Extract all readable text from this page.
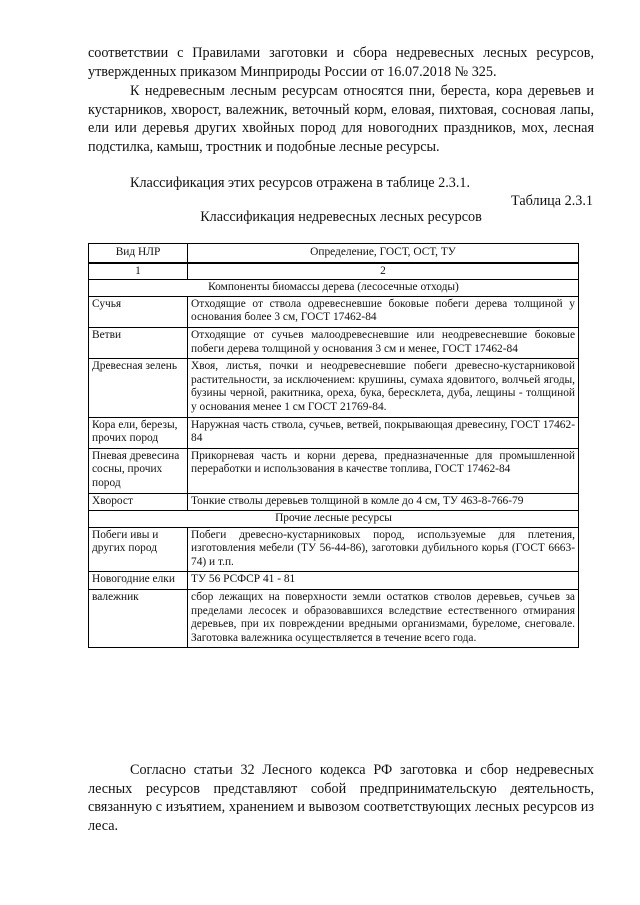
соответствии с Правилами заготовки и сбора недревесных лесных ресурсов, утвержденных приказом Минприроды России от 16.07.2018 № 325.

К недревесным лесным ресурсам относятся пни, береста, кора деревьев и кустарников, хворост, валежник, веточный корм, еловая, пихтовая, сосновая лапы, ели или деревья других хвойных пород для новогодних праздников, мох, лесная подстилка, камыш, тростник и подобные лесные ресурсы.

Классификация этих ресурсов отражена в таблице 2.3.1.

Таблица 2.3.1
Классификация недревесных лесных ресурсов
Вид НЛР	Определение, ГОСТ, ОСТ, ТУ
1	2
Компоненты биомассы дерева (лесосечные отходы)	
Сучья	Отходящие от ствола одревесневшие боковые побеги дерева толщиной у основания более 3 см, ГОСТ 17462-84
Ветви	Отходящие от сучьев малоодревесневшие или неодревесневшие боковые побеги дерева толщиной у основания 3 см и менее, ГОСТ 17462-84
Древесная зелень	Хвоя, листья, почки и неодревесневшие побеги древесно-кустарниковой растительности, за исключением: крушины, сумаха ядовитого, волчьей ягоды, бузины черной, ракитника, ореха, бука, бересклета, дуба, лещины - толщиной у основания менее 1 см ГОСТ 21769-84.
Кора ели, березы, прочих пород	Наружная часть ствола, сучьев, ветвей, покрывающая древесину, ГОСТ 17462-84
Пневая древесина сосны, прочих пород	Прикорневая часть и корни дерева, предназначенные для промышленной переработки и использования в качестве топлива, ГОСТ 17462-84
Хворост	Тонкие стволы деревьев толщиной в комле до 4 см, ТУ 463-8-766-79
Прочие лесные ресурсы	
Побеги ивы и других пород	Побеги древесно-кустарниковых пород, используемые для плетения, изготовления мебели (ТУ 56-44-86), заготовки дубильного корья (ГОСТ 6663-74) и т.п.
Новогодние елки	ТУ 56 РСФСР 41 - 81
валежник	сбор лежащих на поверхности земли остатков стволов деревьев, сучьев за пределами лесосек и образовавшихся вследствие естественного отмирания деревьев, при их повреждении вредными организмами, буреломе, снеговале. Заготовка валежника осуществляется в течение всего года.

Согласно статьи 32 Лесного кодекса РФ заготовка и сбор недревесных лесных ресурсов представляют собой предпринимательскую деятельность, связанную с изъятием, хранением и вывозом соответствующих лесных ресурсов из леса.
